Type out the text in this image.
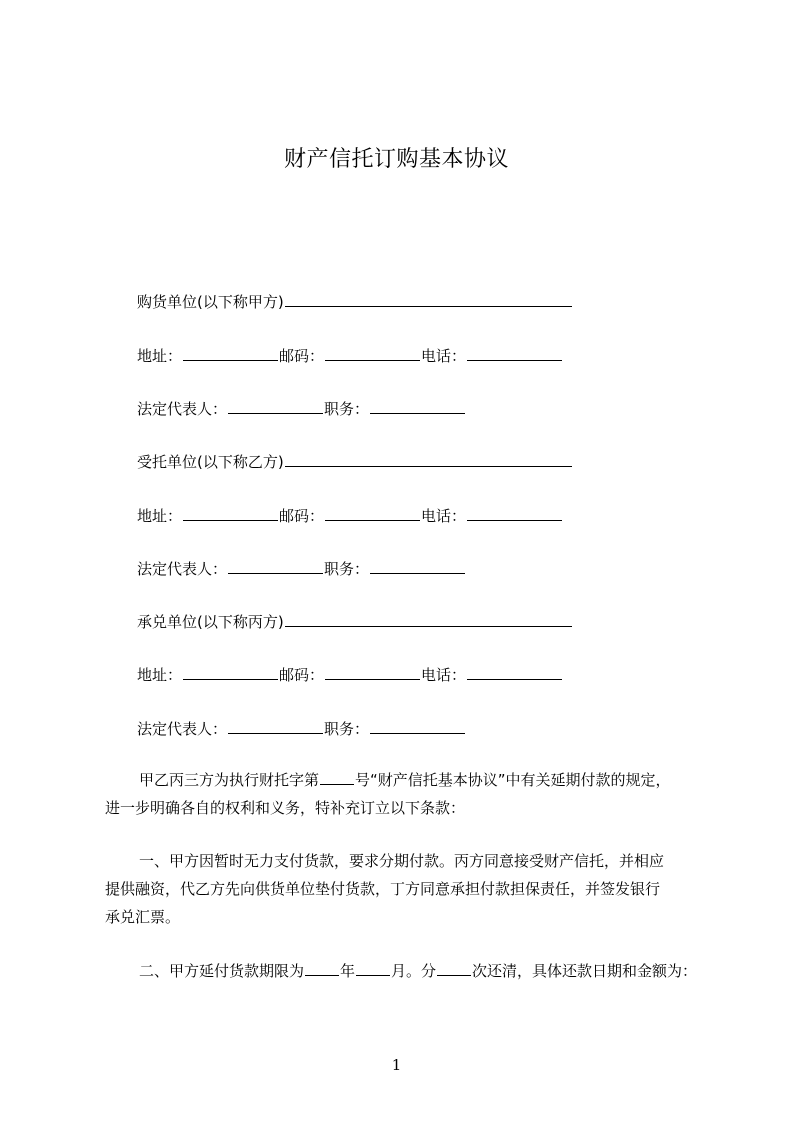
财产信托订购基本协议
购货单位(以下称甲方)
地址：	邮码：	电话：
法定代表人：	职务：
受托单位(以下称乙方)
地址：	邮码：	电话：
法定代表人：	职务：
承兑单位(以下称丙方)
地址：	邮码：	电话：
法定代表人：	职务：

甲乙丙三方为执行财托字第 号“财产信托基本协议”中有关延期付款的规定，

进一步明确各自的权利和义务，特补充订立以下条款：

一、甲方因暂时无力支付货款，要求分期付款。丙方同意接受财产信托，并相应

提供融资，代乙方先向供货单位垫付货款，丁方同意承担付款担保责任，并签发银行

承兑汇票。

二、甲方延付货款期限为 年 月。分 次还清，具体还款日期和金额为：

1
